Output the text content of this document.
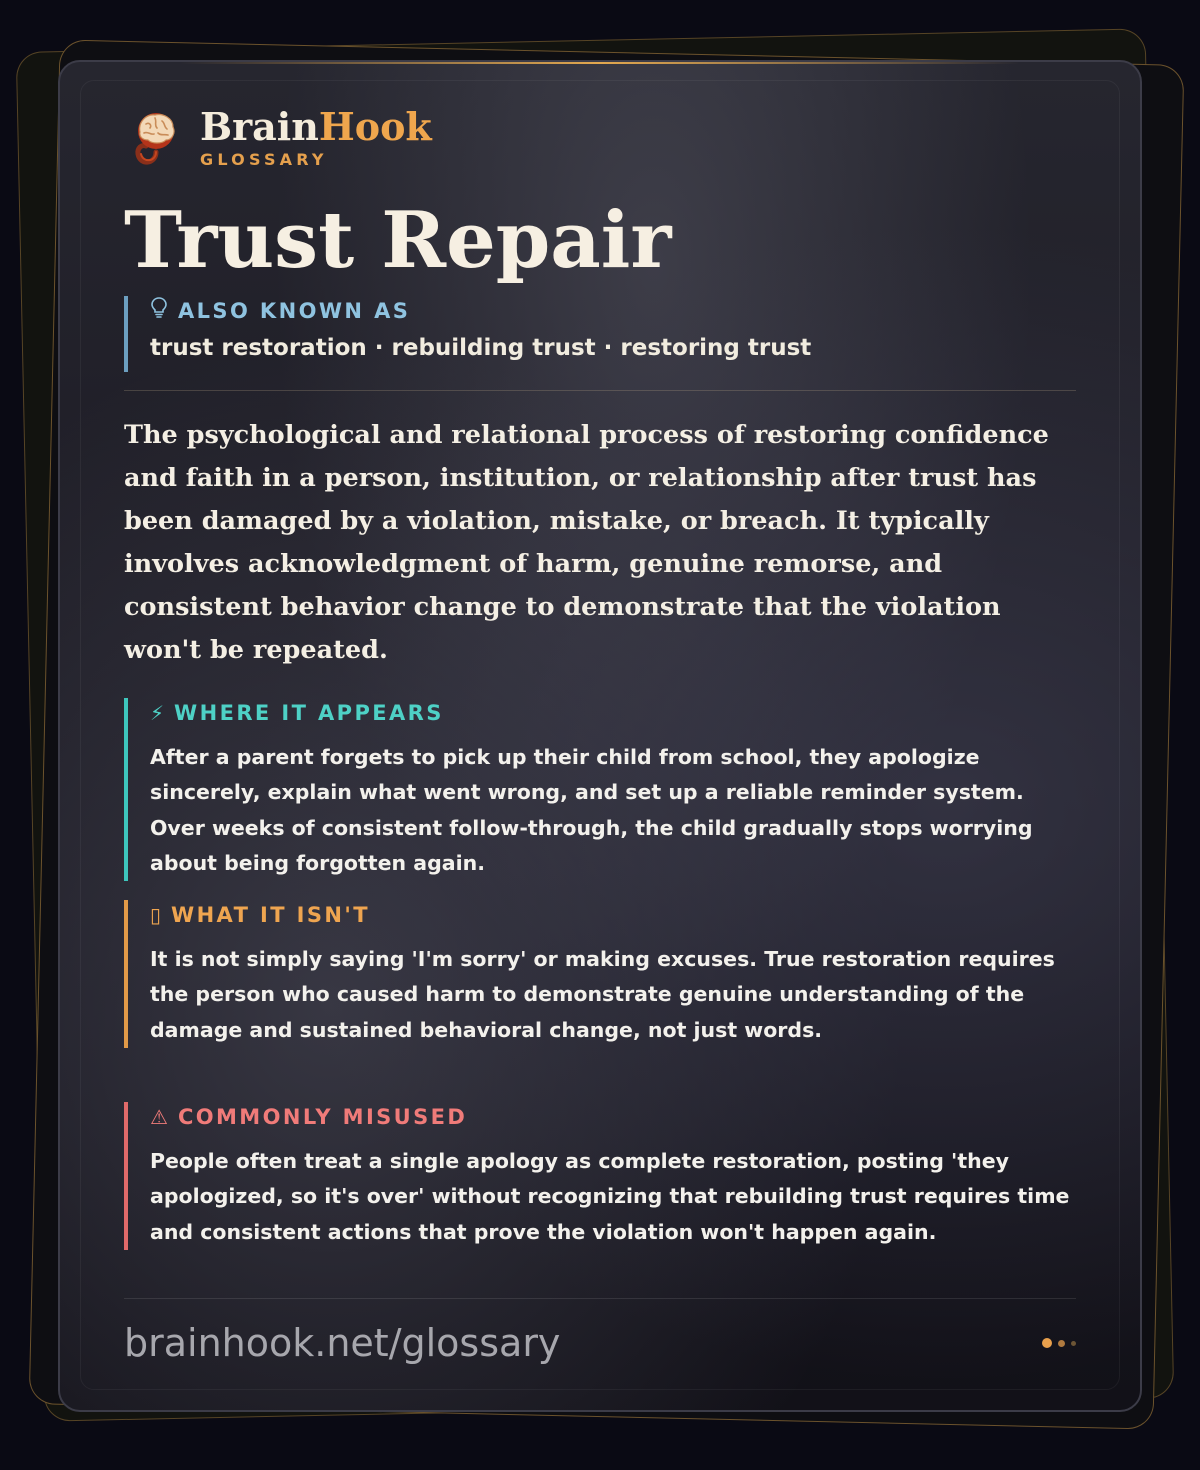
BrainHook
GLOSSARY
Trust Repair
ALSO KNOWN AS
trust restoration · rebuilding trust · restoring trust
The psychological and relational process of restoring confidence and faith in a person, institution, or relationship after trust has been damaged by a violation, mistake, or breach. It typically involves acknowledgment of harm, genuine remorse, and consistent behavior change to demonstrate that the violation won't be repeated.
⚡ WHERE IT APPEARS
After a parent forgets to pick up their child from school, they apologize sincerely, explain what went wrong, and set up a reliable reminder system. Over weeks of consistent follow-through, the child gradually stops worrying about being forgotten again.
▯ WHAT IT ISN'T
It is not simply saying 'I'm sorry' or making excuses. True restoration requires the person who caused harm to demonstrate genuine understanding of the damage and sustained behavioral change, not just words.
⚠ COMMONLY MISUSED
People often treat a single apology as complete restoration, posting 'they apologized, so it's over' without recognizing that rebuilding trust requires time and consistent actions that prove the violation won't happen again.
brainhook.net/glossary
